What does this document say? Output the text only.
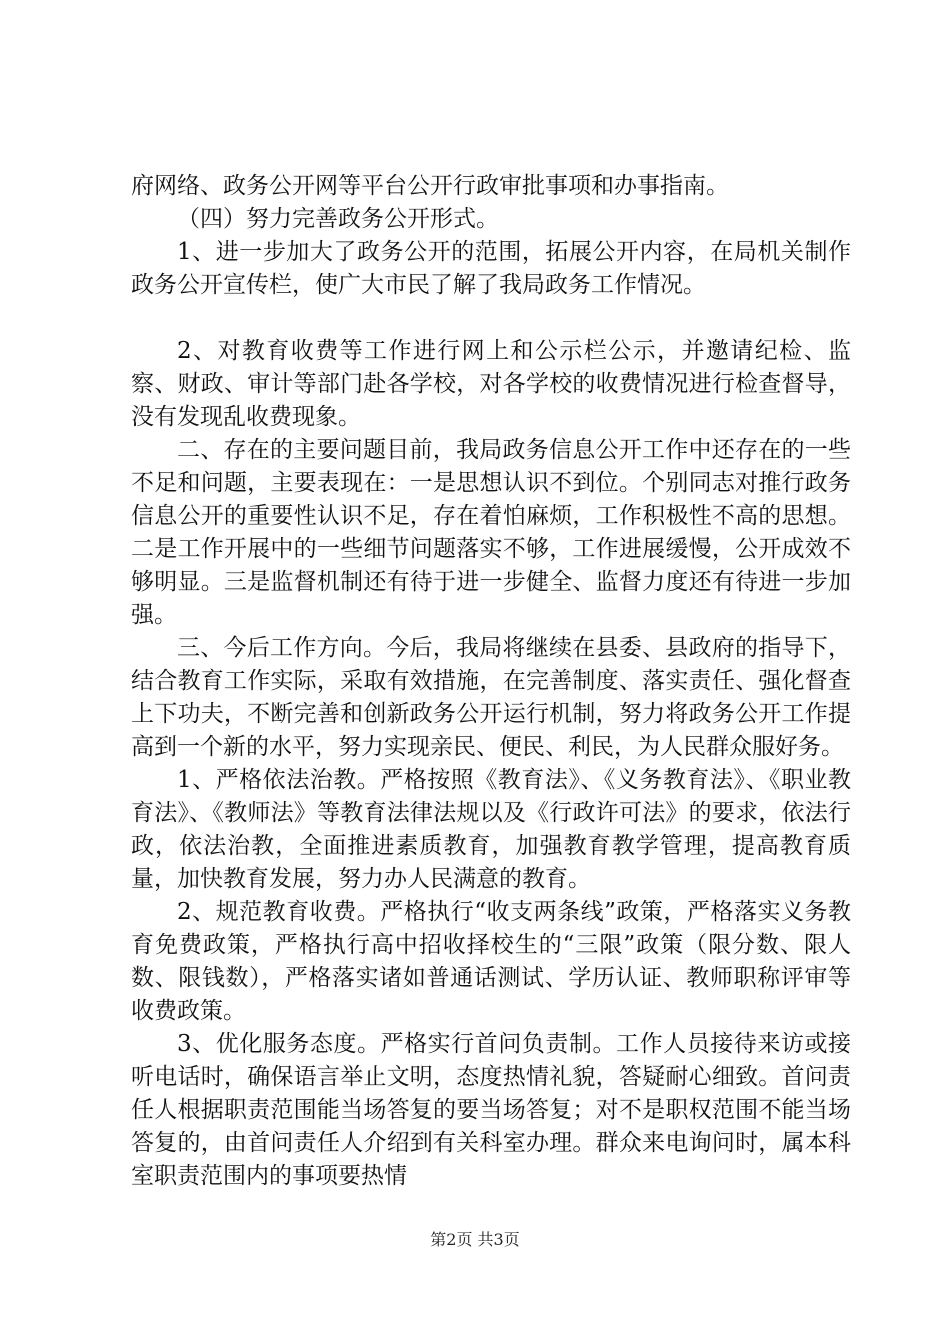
府网络、政务公开网等平台公开行政审批事项和办事指南。

（四）努力完善政务公开形式。

1、进一步加大了政务公开的范围，拓展公开内容，在局机关制作政务公开宣传栏，使广大市民了解了我局政务工作情况。

2、对教育收费等工作进行网上和公示栏公示，并邀请纪检、监察、财政、审计等部门赴各学校，对各学校的收费情况进行检查督导，没有发现乱收费现象。

二、存在的主要问题目前，我局政务信息公开工作中还存在的一些不足和问题，主要表现在：一是思想认识不到位。个别同志对推行政务信息公开的重要性认识不足，存在着怕麻烦，工作积极性不高的思想。二是工作开展中的一些细节问题落实不够，工作进展缓慢，公开成效不够明显。三是监督机制还有待于进一步健全、监督力度还有待进一步加强。

三、今后工作方向。今后，我局将继续在县委、县政府的指导下，结合教育工作实际，采取有效措施，在完善制度、落实责任、强化督查上下功夫，不断完善和创新政务公开运行机制，努力将政务公开工作提高到一个新的水平，努力实现亲民、便民、利民，为人民群众服好务。

1、严格依法治教。严格按照《教育法》、《义务教育法》、《职业教育法》、《教师法》等教育法律法规以及《行政许可法》的要求，依法行政，依法治教，全面推进素质教育，加强教育教学管理，提高教育质量，加快教育发展，努力办人民满意的教育。

2、规范教育收费。严格执行“收支两条线”政策，严格落实义务教育免费政策，严格执行高中招收择校生的“三限”政策（限分数、限人数、限钱数），严格落实诸如普通话测试、学历认证、教师职称评审等收费政策。

3、优化服务态度。严格实行首问负责制。工作人员接待来访或接听电话时，确保语言举止文明，态度热情礼貌，答疑耐心细致。首问责任人根据职责范围能当场答复的要当场答复；对不是职权范围不能当场答复的，由首问责任人介绍到有关科室办理。群众来电询问时，属本科室职责范围内的事项要热情

第2页 共3页
